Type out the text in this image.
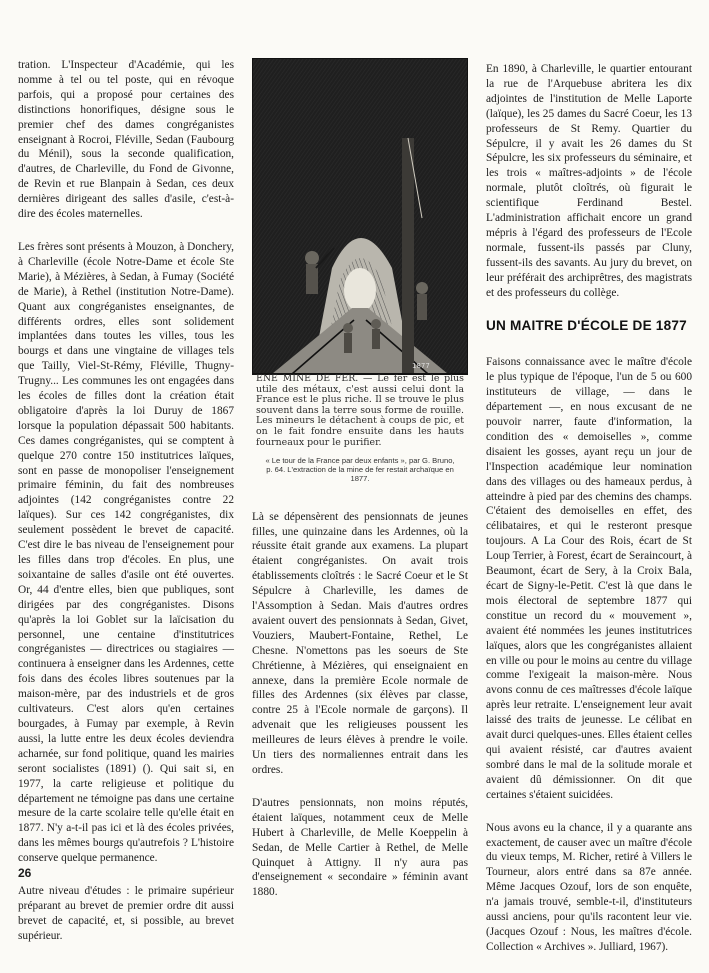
tration. L'Inspecteur d'Académie, qui les nomme à tel ou tel poste, qui en révoque parfois, qui a proposé pour certaines des distinctions honorifiques, désigne sous le premier chef des dames congréganistes enseignant à Rocroi, Fléville, Sedan (Faubourg du Ménil), sous la seconde qualification, d'autres, de Charleville, du Fond de Givonne, de Revin et rue Blanpain à Sedan, ces deux dernières dirigeant des salles d'asile, c'est-à-dire des écoles maternelles.

Les frères sont présents à Mouzon, à Donchery, à Charleville (école Notre-Dame et école Ste Marie), à Mézières, à Sedan, à Fumay (Société de Marie), à Rethel (institution Notre-Dame). Quant aux congréganistes enseignantes, de différents ordres, elles sont solidement implantées dans toutes les villes, tous les bourgs et dans une vingtaine de villages tels que Tailly, Viel-St-Rémy, Fléville, Thugny-Trugny... Les communes les ont engagées dans les écoles de filles dont la création était obligatoire d'après la loi Duruy de 1867 lorsque la population dépassait 500 habitants. Ces dames congréganistes, qui se comptent à quelque 270 contre 150 institutrices laïques, sont en passe de monopoliser l'enseignement primaire féminin, du fait des nombreuses adjointes (142 congréganistes contre 22 laïques). Sur ces 142 congréganistes, dix seulement possèdent le brevet de capacité. C'est dire le bas niveau de l'enseignement pour les filles dans trop d'écoles. En plus, une soixantaine de salles d'asile ont été ouvertes. Or, 44 d'entre elles, bien que publiques, sont dirigées par des congréganistes. Disons qu'après la loi Goblet sur la laïcisation du personnel, une centaine d'institutrices congréganistes — directrices ou stagiaires — continuera à enseigner dans les Ardennes, cette fois dans des écoles libres soutenues par la maison-mère, par des industriels et de gros cultivateurs. C'est alors qu'en certaines bourgades, à Fumay par exemple, à Revin aussi, la lutte entre les deux écoles deviendra acharnée, sur fond politique, quand les mairies seront socialistes (1891) (). Qui sait si, en 1977, la carte religieuse et politique du département ne témoigne pas dans une certaine mesure de la carte scolaire telle qu'elle était en 1877. N'y a-t-il pas ici et là des écoles privées, dans les mêmes bourgs qu'autrefois ? L'histoire conserve quelque permanence.

Autre niveau d'études : le primaire supérieur préparant au brevet de premier ordre dit aussi brevet de capacité, et, si possible, au brevet supérieur.

1877
ENE MINE DE FER. — Le fer est le plus utile des métaux, c'est aussi celui dont la France est le plus riche. Il se trouve le plus souvent dans la terre sous forme de rouille. Les mineurs le détachent à coups de pic, et on le fait fondre ensuite dans les hauts fourneaux pour le purifier.
« Le tour de la France par deux enfants », par G. Bruno, p. 64. L'extraction de la mine de fer restait archaïque en 1877.

Là se dépensèrent des pensionnats de jeunes filles, une quinzaine dans les Ardennes, où la réussite était grande aux examens. La plupart étaient congréganistes. On avait trois établissements cloîtrés : le Sacré Coeur et le St Sépulcre à Charleville, les dames de l'Assomption à Sedan. Mais d'autres ordres avaient ouvert des pensionnats à Sedan, Givet, Vouziers, Maubert-Fontaine, Rethel, Le Chesne. N'omettons pas les soeurs de Ste Chrétienne, à Mézières, qui enseignaient en annexe, dans la première Ecole normale de filles des Ardennes (six élèves par classe, contre 25 à l'Ecole normale de garçons). Il advenait que les religieuses poussent les meilleures de leurs élèves à prendre le voile. Un tiers des normaliennes entrait dans les ordres.

D'autres pensionnats, non moins réputés, étaient laïques, notamment ceux de Melle Hubert à Charleville, de Melle Koeppelin à Sedan, de Melle Cartier à Rethel, de Melle Quinquet à Attigny. Il n'y aura pas d'enseignement « secondaire » féminin avant 1880.

En 1890, à Charleville, le quartier entourant la rue de l'Arquebuse abritera les dix adjointes de l'institution de Melle Laporte (laïque), les 25 dames du Sacré Coeur, les 13 professeurs de St Remy. Quartier du Sépulcre, il y avait les 26 dames du St Sépulcre, les six professeurs du séminaire, et les trois « maîtres-adjoints » de l'école normale, plutôt cloîtrés, où figurait le scientifique Ferdinand Bestel. L'administration affichait encore un grand mépris à l'égard des professeurs de l'Ecole normale, fussent-ils passés par Cluny, fussent-ils des savants. Au jury du brevet, on leur préférait des archiprêtres, des magistrats et des professeurs du collège.

UN MAITRE D'ÉCOLE DE 1877

Faisons connaissance avec le maître d'école le plus typique de l'époque, l'un de 5 ou 600 instituteurs de village, — dans le département —, en nous excusant de ne pouvoir narrer, faute d'information, la condition des « demoiselles », comme disaient les gosses, ayant reçu un jour de l'Inspection académique leur nomination dans des villages ou des hameaux perdus, à atteindre à pied par des chemins des champs. C'étaient des demoiselles en effet, des célibataires, et qui le resteront presque toujours. A La Cour des Rois, écart de St Loup Terrier, à Forest, écart de Seraincourt, à Beaumont, écart de Sery, à la Croix Bala, écart de Signy-le-Petit. C'est là que dans le mois électoral de septembre 1877 qui constitue un record du « mouvement », avaient été nommées les jeunes institutrices laïques, alors que les congréganistes allaient en ville ou pour le moins au centre du village comme l'exigeait la maison-mère. Nous avons connu de ces maîtresses d'école laïque après leur retraite. L'enseignement leur avait laissé des traits de jeunesse. Le célibat en avait durci quelques-unes. Elles étaient celles qui avaient résisté, car d'autres avaient sombré dans le mal de la solitude morale et avaient dû démissionner. On dit que certaines s'étaient suicidées.

Nous avons eu la chance, il y a quarante ans exactement, de causer avec un maître d'école du vieux temps, M. Richer, retiré à Villers le Tourneur, alors entré dans sa 87e année. Même Jacques Ozouf, lors de son enquête, n'a jamais trouvé, semble-t-il, d'instituteurs aussi anciens, pour qu'ils racontent leur vie. (Jacques Ozouf : Nous, les maîtres d'école. Collection « Archives ». Julliard, 1967).

26
